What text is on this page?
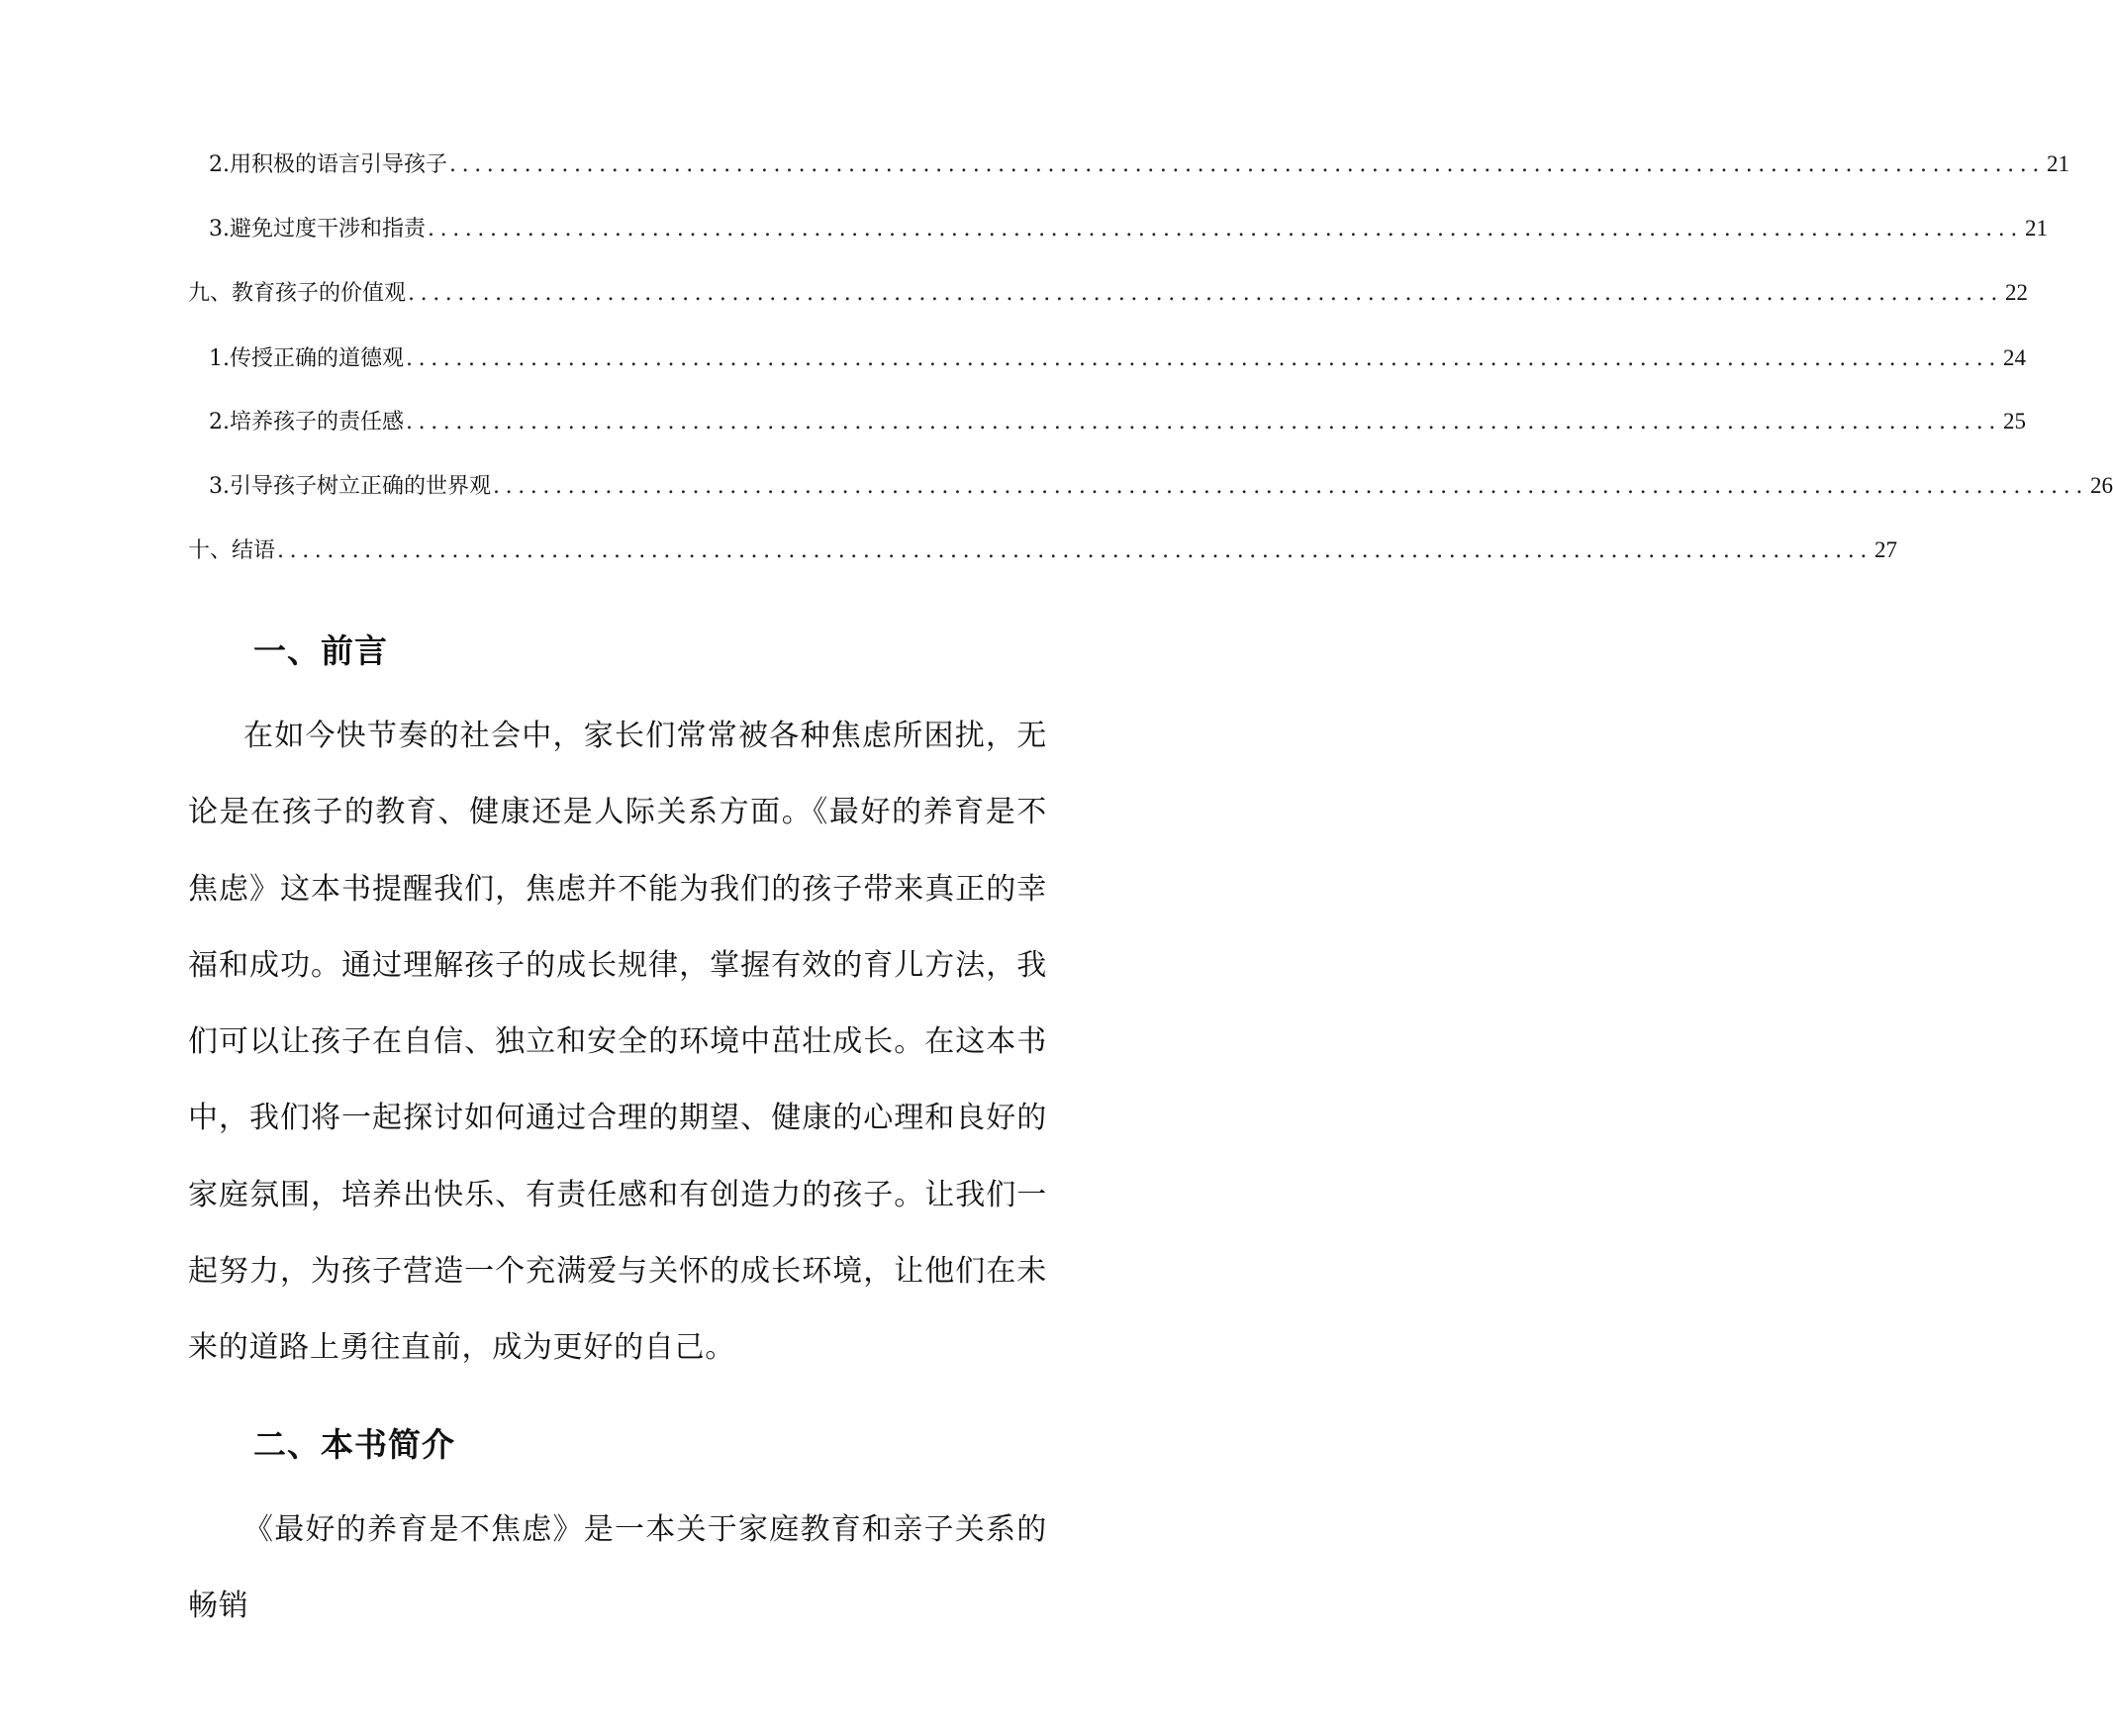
2. 用积极的语言引导孩子 ................................................................................................................................ 21
3. 避免过度干涉和指责 ................................................................................................................................ 21
九、教育孩子的价值观 ................................................................................................................................ 22
1. 传授正确的道德观 ................................................................................................................................ 24
2. 培养孩子的责任感 ................................................................................................................................ 25
3. 引导孩子树立正确的世界观 ................................................................................................................................ 26
十、结语 ................................................................................................................................ 27
一、前言

在如今快节奏的社会中，家长们常常被各种焦虑所困扰，无论是在孩子的教育、健康还是人际关系方面。《最好的养育是不焦虑》这本书提醒我们，焦虑并不能为我们的孩子带来真正的幸福和成功。通过理解孩子的成长规律，掌握有效的育儿方法，我们可以让孩子在自信、独立和安全的环境中茁壮成长。在这本书中，我们将一起探讨如何通过合理的期望、健康的心理和良好的家庭氛围，培养出快乐、有责任感和有创造力的孩子。让我们一起努力，为孩子营造一个充满爱与关怀的成长环境，让他们在未来的道路上勇往直前，成为更好的自己。

二、本书简介

《最好的养育是不焦虑》是一本关于家庭教育和亲子关系的畅销
